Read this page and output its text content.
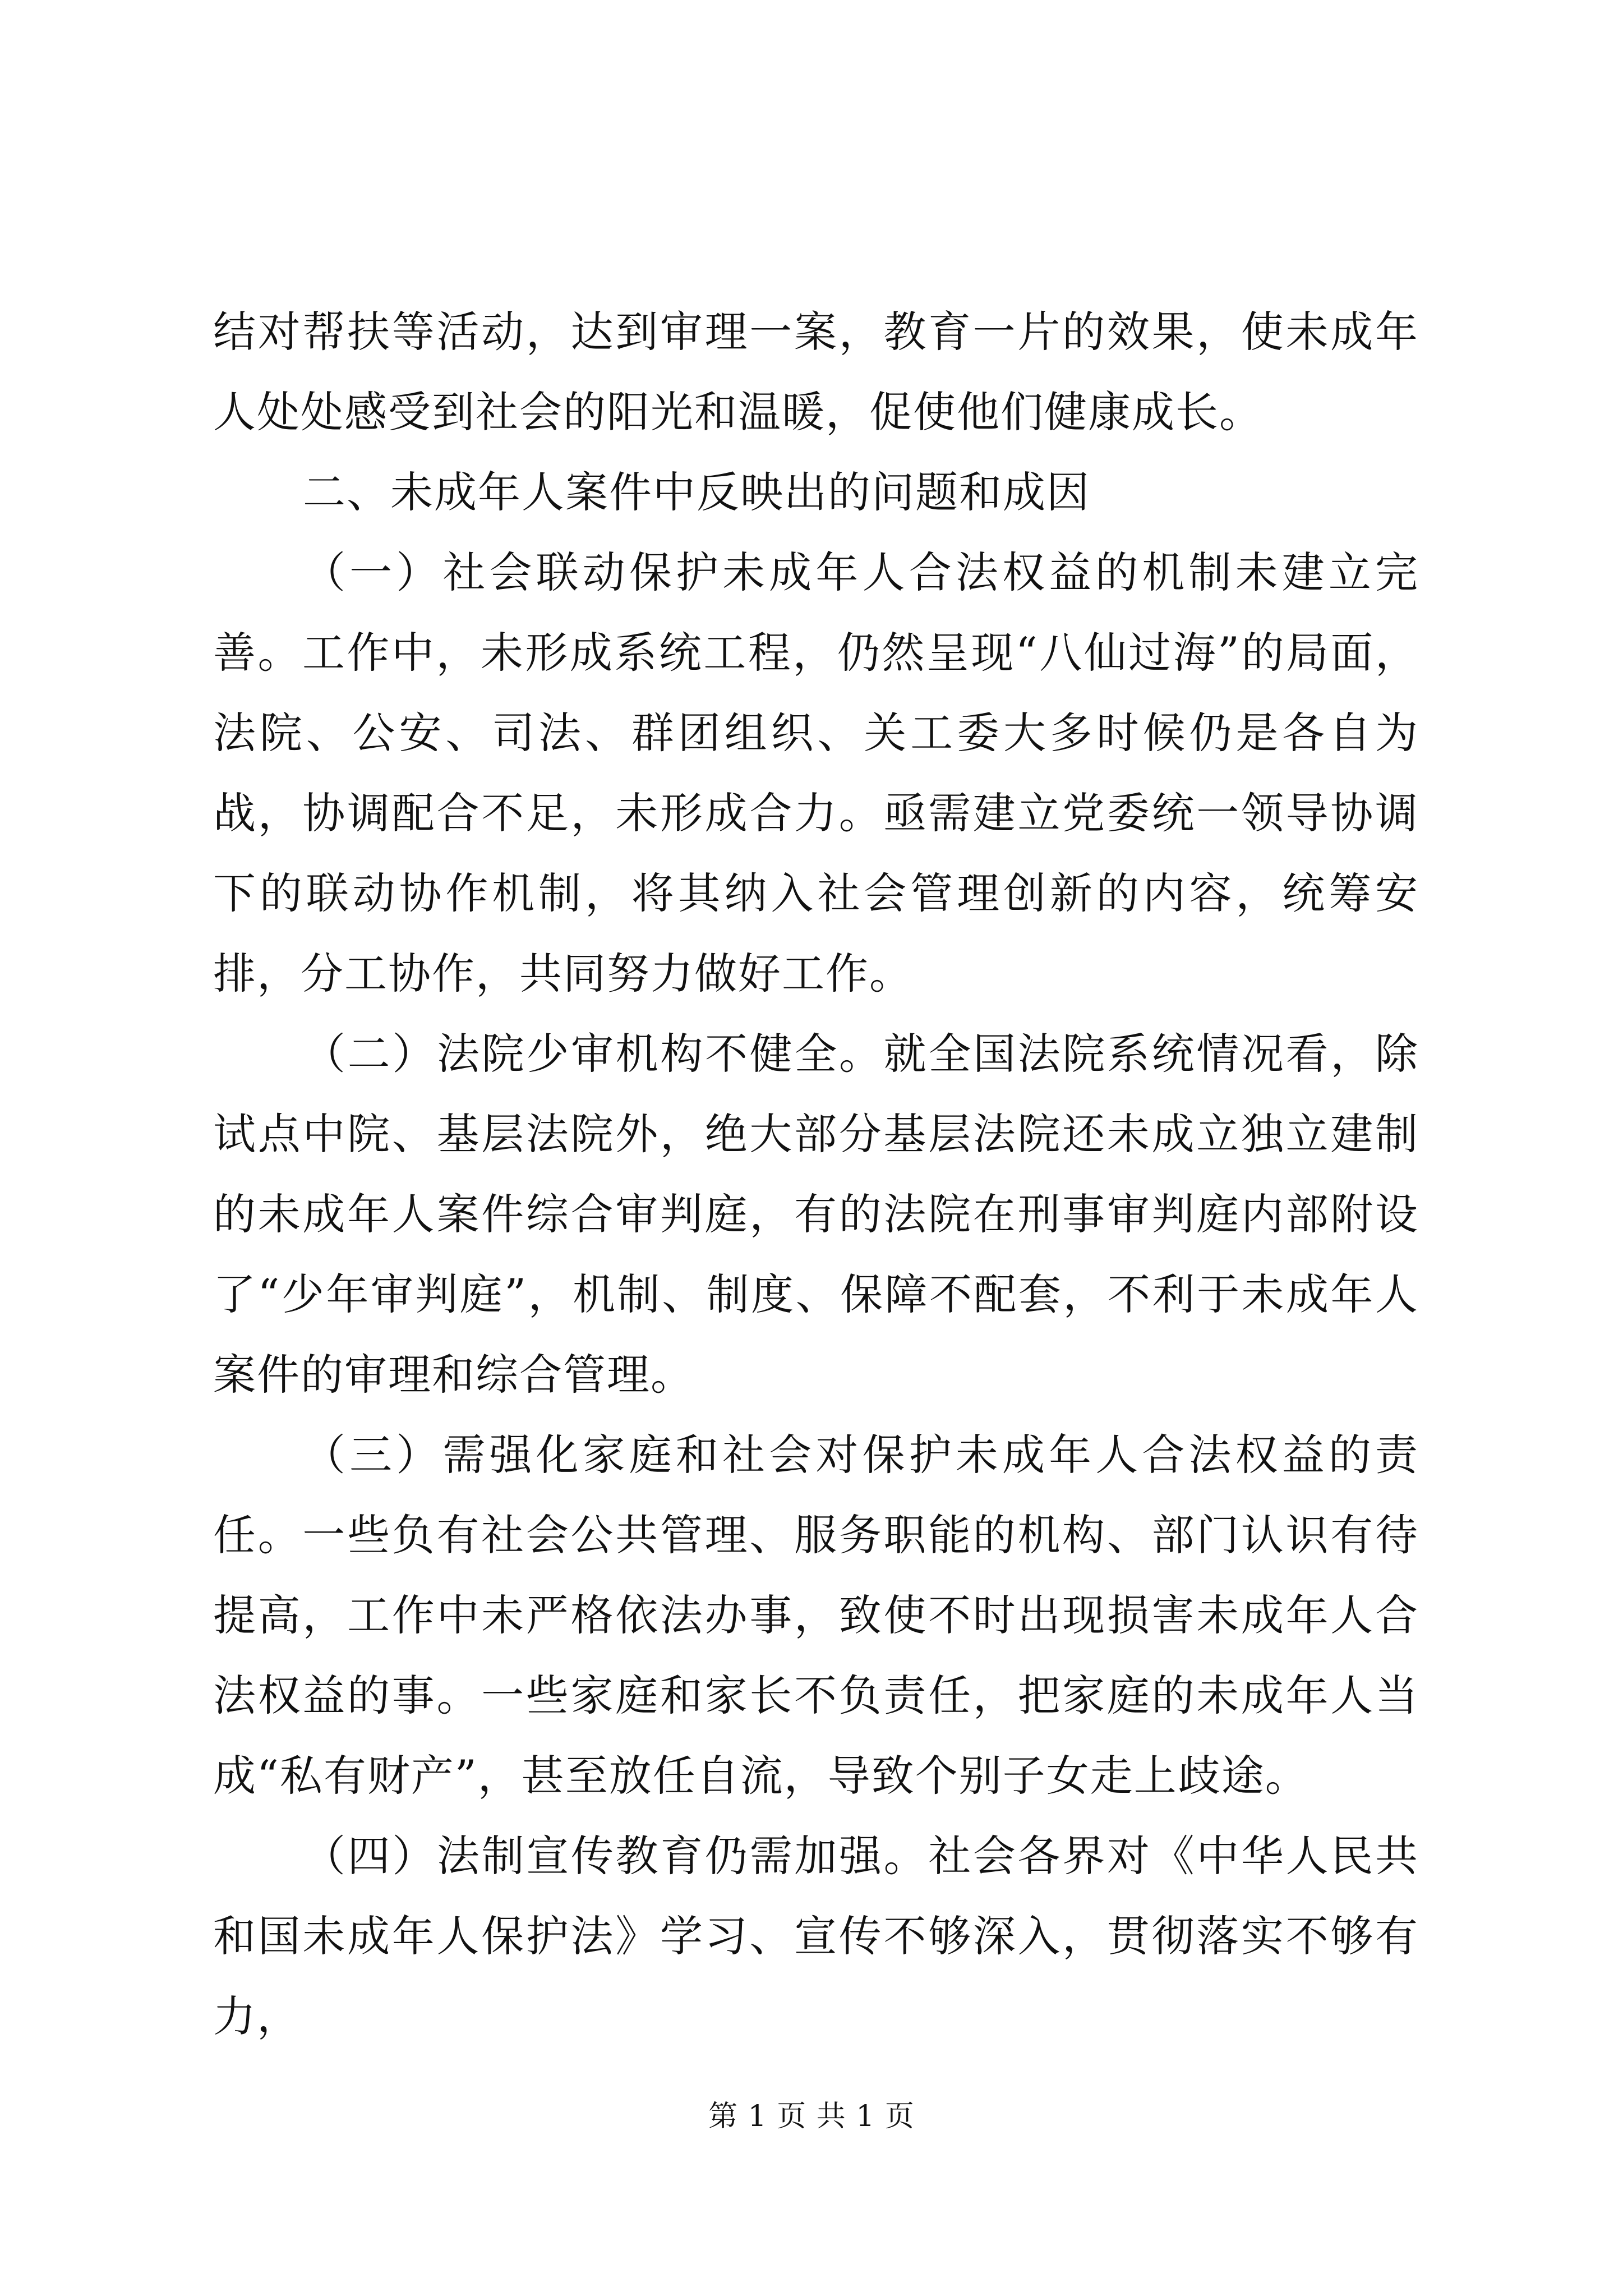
结对帮扶等活动，达到审理一案，教育一片的效果，使未成年人处处感受到社会的阳光和温暖，促使他们健康成长。

二、未成年人案件中反映出的问题和成因

（一）社会联动保护未成年人合法权益的机制未建立完善。工作中，未形成系统工程，仍然呈现“八仙过海”的局面，法院、公安、司法、群团组织、关工委大多时候仍是各自为战，协调配合不足，未形成合力。亟需建立党委统一领导协调下的联动协作机制，将其纳入社会管理创新的内容，统筹安排，分工协作，共同努力做好工作。

（二）法院少审机构不健全。就全国法院系统情况看，除试点中院、基层法院外，绝大部分基层法院还未成立独立建制的未成年人案件综合审判庭，有的法院在刑事审判庭内部附设了“少年审判庭”，机制、制度、保障不配套，不利于未成年人案件的审理和综合管理。

（三）需强化家庭和社会对保护未成年人合法权益的责任。一些负有社会公共管理、服务职能的机构、部门认识有待提高，工作中未严格依法办事，致使不时出现损害未成年人合法权益的事。一些家庭和家长不负责任，把家庭的未成年人当成“私有财产”，甚至放任自流，导致个别子女走上歧途。

（四）法制宣传教育仍需加强。社会各界对《中华人民共和国未成年人保护法》学习、宣传不够深入，贯彻落实不够有力，

第 1 页 共 1 页
